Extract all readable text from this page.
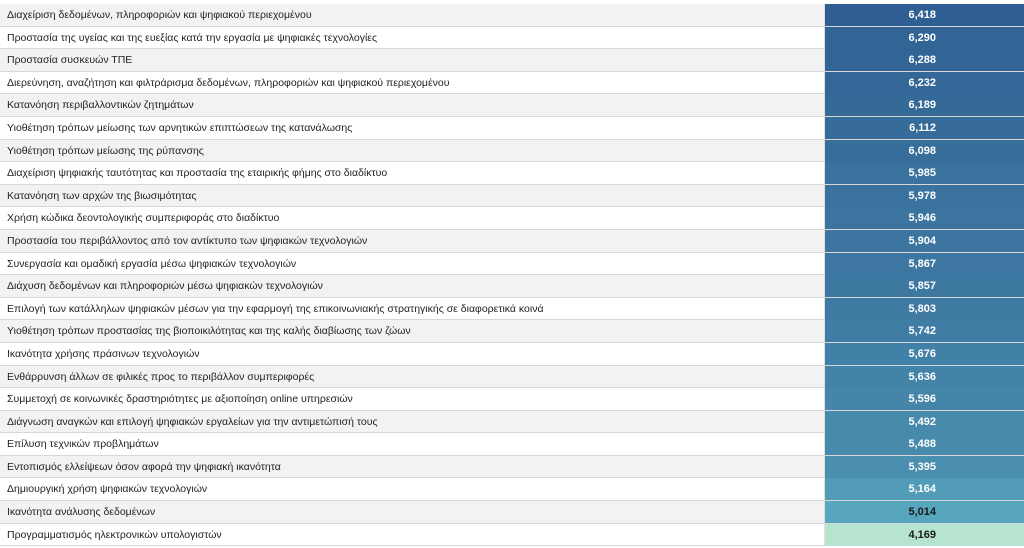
Διαχείριση δεδομένων, πληροφοριών και ψηφιακού περιεχομένου	6,418
Προστασία της υγείας και της ευεξίας κατά την εργασία με ψηφιακές τεχνολογίες	6,290
Προστασία συσκευών ΤΠΕ	6,288
Διερεύνηση, αναζήτηση και φιλτράρισμα δεδομένων, πληροφοριών και ψηφιακού περιεχομένου	6,232
Κατανόηση περιβαλλοντικών ζητημάτων	6,189
Υιοθέτηση τρόπων μείωσης των αρνητικών επιπτώσεων της κατανάλωσης	6,112
Υιοθέτηση τρόπων μείωσης της ρύπανσης	6,098
Διαχείριση ψηφιακής ταυτότητας και προστασία της εταιρικής φήμης στο διαδίκτυο	5,985
Κατανόηση των αρχών της βιωσιμότητας	5,978
Χρήση κώδικα δεοντολογικής συμπεριφοράς στο διαδίκτυο	5,946
Προστασία του περιβάλλοντος από τον αντίκτυπο των ψηφιακών τεχνολογιών	5,904
Συνεργασία και ομαδική εργασία μέσω ψηφιακών τεχνολογιών	5,867
Διάχυση δεδομένων και πληροφοριών μέσω ψηφιακών τεχνολογιών	5,857
Επιλογή των κατάλληλων ψηφιακών μέσων για την εφαρμογή της επικοινωνιακής στρατηγικής σε διαφορετικά κοινά	5,803
Υιοθέτηση τρόπων προστασίας της βιοποικιλότητας και της καλής διαβίωσης των ζώων	5,742
Ικανότητα χρήσης πράσινων τεχνολογιών	5,676
Ενθάρρυνση άλλων σε φιλικές προς το περιβάλλον συμπεριφορές	5,636
Συμμετοχή σε κοινωνικές δραστηριότητες με αξιοποίηση online υπηρεσιών	5,596
Διάγνωση αναγκών και επιλογή ψηφιακών εργαλείων για την αντιμετώπισή τους	5,492
Επίλυση τεχνικών προβλημάτων	5,488
Εντοπισμός ελλείψεων όσον αφορά την ψηφιακή ικανότητα	5,395
Δημιουργική χρήση ψηφιακών τεχνολογιών	5,164
Ικανότητα ανάλυσης δεδομένων	5,014
Προγραμματισμός ηλεκτρονικών υπολογιστών	4,169
